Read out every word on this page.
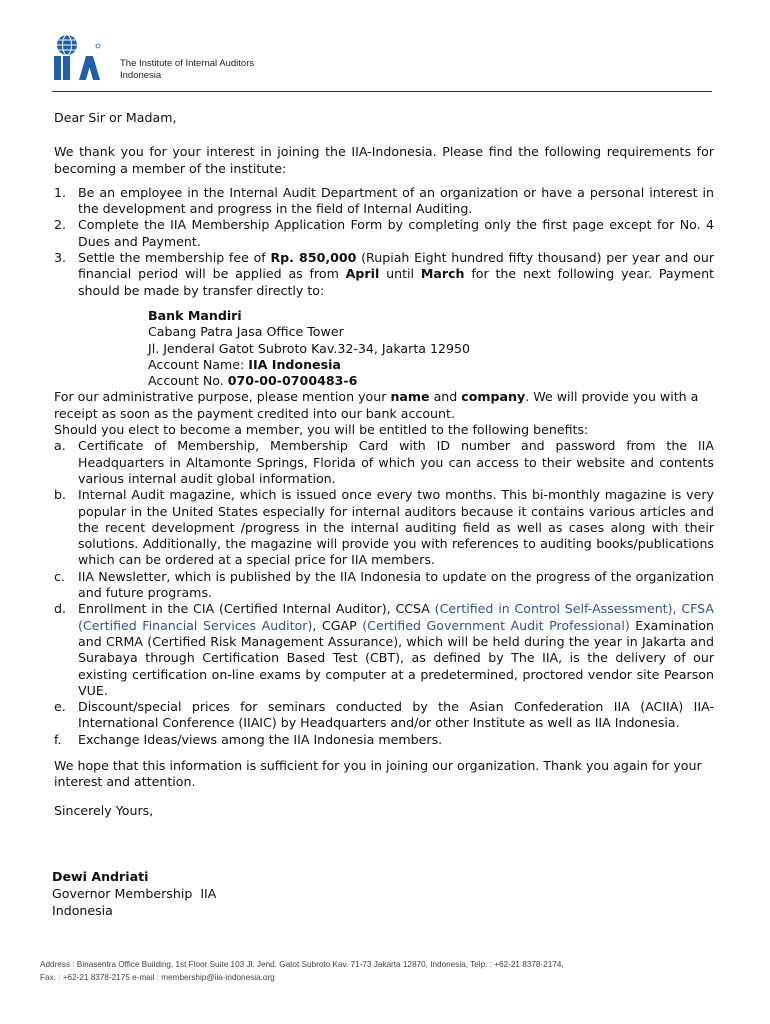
The Institute of Internal Auditors
Indonesia

Dear Sir or Madam,

We thank you for your interest in joining the IIA-Indonesia. Please find the following requirements for becoming a member of the institute:

1. Be an employee in the Internal Audit Department of an organization or have a personal interest in the development and progress in the field of Internal Auditing.
2. Complete the IIA Membership Application Form by completing only the first page except for No. 4 Dues and Payment.
3. Settle the membership fee of Rp. 850,000 (Rupiah Eight hundred fifty thousand) per year and our financial period will be applied as from April until March for the next following year. Payment should be made by transfer directly to:
Bank Mandiri
Cabang Patra Jasa Office Tower
Jl. Jenderal Gatot Subroto Kav.32-34, Jakarta 12950
Account Name: IIA Indonesia
Account No. 070-00-0700483-6

For our administrative purpose, please mention your name and company. We will provide you with a receipt as soon as the payment credited into our bank account.

Should you elect to become a member, you will be entitled to the following benefits:

a. Certificate of Membership, Membership Card with ID number and password from the IIA Headquarters in Altamonte Springs, Florida of which you can access to their website and contents various internal audit global information.
b. Internal Audit magazine, which is issued once every two months. This bi-monthly magazine is very popular in the United States especially for internal auditors because it contains various articles and the recent development /progress in the internal auditing field as well as cases along with their solutions. Additionally, the magazine will provide you with references to auditing books/publications which can be ordered at a special price for IIA members.
c. IIA Newsletter, which is published by the IIA Indonesia to update on the progress of the organization and future programs.
d. Enrollment in the CIA (Certified Internal Auditor), CCSA (Certified in Control Self-Assessment), CFSA (Certified Financial Services Auditor), CGAP (Certified Government Audit Professional) Examination and CRMA (Certified Risk Management Assurance), which will be held during the year in Jakarta and Surabaya through Certification Based Test (CBT), as defined by The IIA, is the delivery of our existing certification on-line exams by computer at a predetermined, proctored vendor site Pearson VUE.
e. Discount/special prices for seminars conducted by the Asian Confederation IIA (ACIIA) IIA-International Conference (IIAIC) by Headquarters and/or other Institute as well as IIA Indonesia.
f. Exchange Ideas/views among the IIA Indonesia members.

We hope that this information is sufficient for you in joining our organization. Thank you again for your interest and attention.

Sincerely Yours,

Dewi Andriati
Governor Membership  IIA
Indonesia
Address : Binasentra Office Building, 1st Floor Suite 103 Jl. Jend. Gatot Subroto Kav. 71-73 Jakarta 12870, Indonesia, Telp. : +62-21 8378-2174,
Fax. : +62-21 8378-2175 e-mail : membership@iia-indonesia.org
